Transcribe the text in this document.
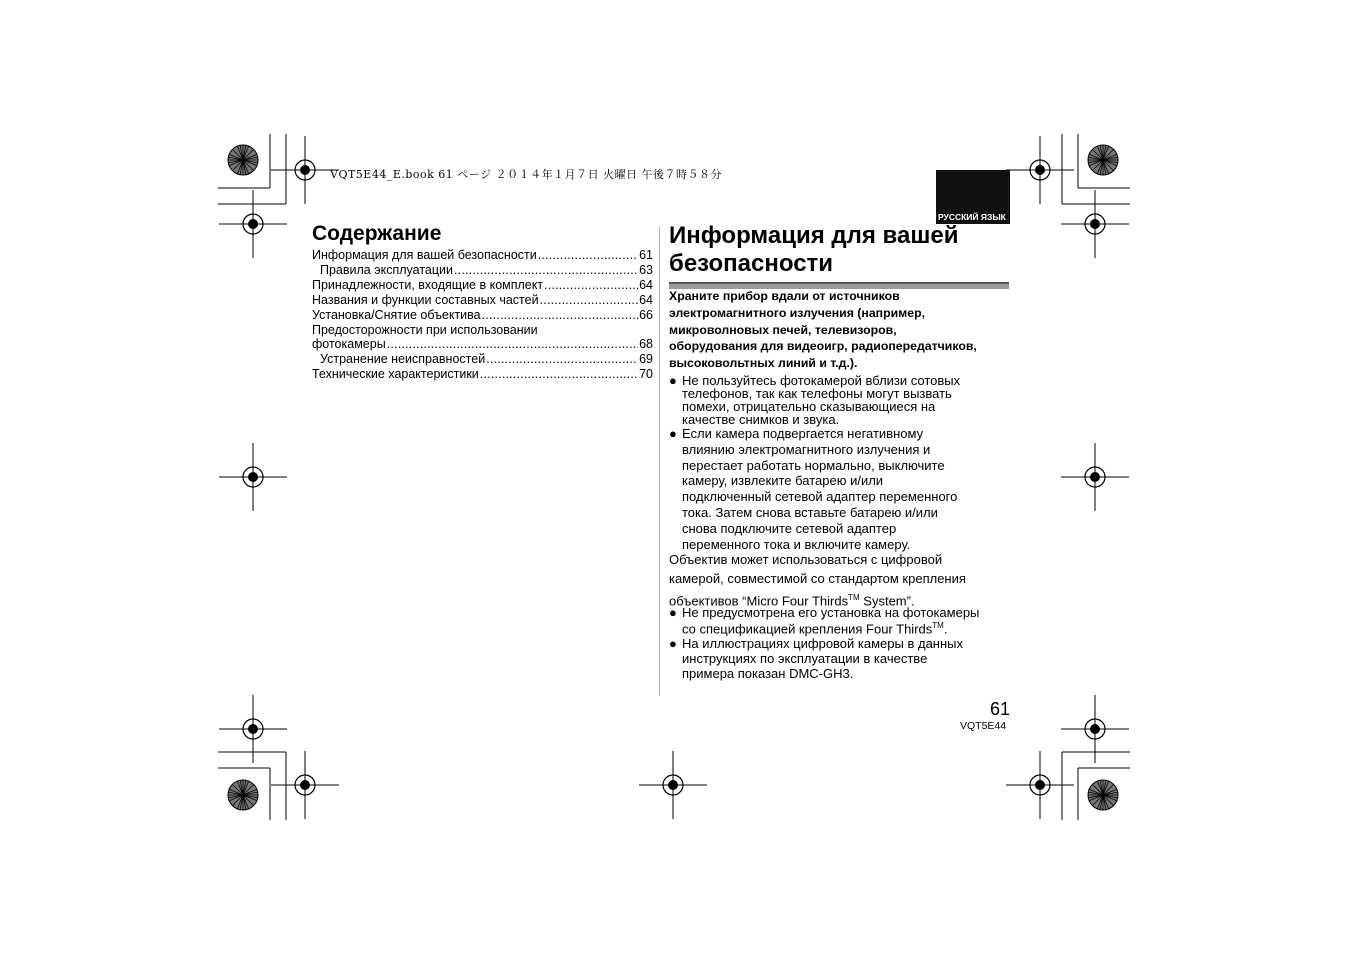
VQT5E44_E.book 61 ページ ２０１４年１月７日 火曜日 午後７時５８分
РУССКИЙ ЯЗЫК
Содержание
Информация для вашей безопасности .....	61
Правила эксплуатации .....	63
Принадлежности, входящие в комплект .....	64
Названия и функции составных частей .....	64
Установка/Снятие объектива .....	66
Предосторожности при использовании
фотокамеры .....	68
Устранение неисправностей .....	69
Технические характеристики .....	70
Информация для вашей
безопасности
Храните прибор вдали от источников
электромагнитного излучения (например,
микроволновых печей, телевизоров,
оборудования для видеоигр, радиопередатчиков,
высоковольтных линий и т.д.).
● Не пользуйтесь фотокамерой вблизи сотовых
телефонов, так как телефоны могут вызвать
помехи, отрицательно сказывающиеся на
качестве снимков и звука.
● Если камера подвергается негативному
влиянию электромагнитного излучения и
перестает работать нормально, выключите
камеру, извлеките батарею и/или
подключенный сетевой адаптер переменного
тока. Затем снова вставьте батарею и/или
снова подключите сетевой адаптер
переменного тока и включите камеру.
Объектив может использоваться с цифровой
камерой, совместимой со стандартом крепления
объективов “Micro Four Thirds™ System”.
● Не предусмотрена его установка на фотокамеры
со спецификацией крепления Four Thirds™.
● На иллюстрациях цифровой камеры в данных
инструкциях по эксплуатации в качестве
примера показан DMC-GH3.
61
VQT5E44
